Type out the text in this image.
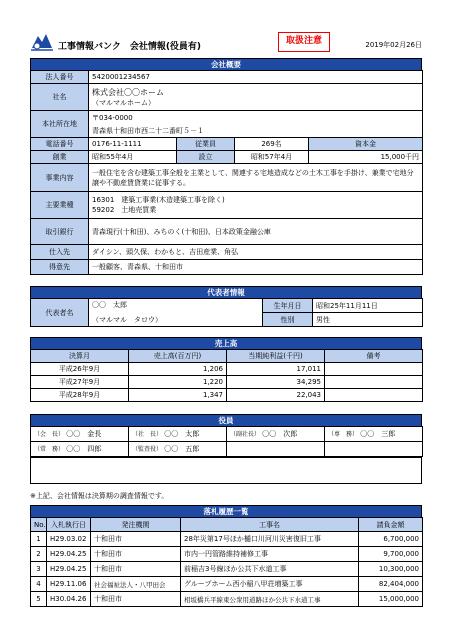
工事情報バンク　会社情報(役員有)
取扱注意	2019年02月26日
会社概要
法人番号	5420001234567			
社名	株式会社〇〇ホーム
（マルマルホーム）			

本社所在地	〒034-0000
青森県十和田市西二十二番町５－１			

電話番号	0176-11-1111	従業員	269名	資本金
創業	昭和55年4月	設立	昭和57年4月	15,000千円
事業内容	一般住宅を含む建築工事全般を主業として、関連する宅地造成などの土木工事を手掛け、兼業で宅地分譲や不動産賃貸業に従事する。			
主要業種	16301　建築工事業(木造建築工事を除く)
59202　土地売買業			

取引銀行	青森現行(十和田)、みちのく(十和田)、日本政策金融公庫			
仕入先	ダイシン、頭久保、わかもと、吉田産業、角弘			
得意先	一般顧客、青森県、十和田市			
代表者情報
代表者名	〇〇　太郎
（マルマル　タロウ）	生年月日	昭和25年11月11日
		性別	男性
売上高
決算月	売上高(百万円)	当期純利益(千円)	備考
平成26年9月	1,206	17,011	
平成27年9月	1,220	34,295	
平成28年9月	1,347	22,043	
役員
（会　長） 〇〇　金長	（社　長） 〇〇　太郎	（副社長） 〇〇　次郎	（専　務） 〇〇　三郎
（常　務） 〇〇　四郎	（監査役） 〇〇　五郎		
※上記、会社情報は決算期の調査情報です。
落札履歴一覧
No.	入札執行日	発注機関	工事名	請負金額
1	H29.03.02	十和田市	28年災第17号ほか樋口川河川災害復旧工事	6,700,000
2	H29.04.25	十和田市	市内一円管路維持補修工事	9,700,000
3	H29.04.25	十和田市	前稲吉3号線ほか公共下水道工事	10,300,000
4	H29.11.06	社会福祉法人・八甲田会	グループホーム西小稲八甲荘増築工事	82,404,000
5	H30.04.26	十和田市	相坂橋兵平線東公衆用道路ほか公共下水道工事	15,000,000
